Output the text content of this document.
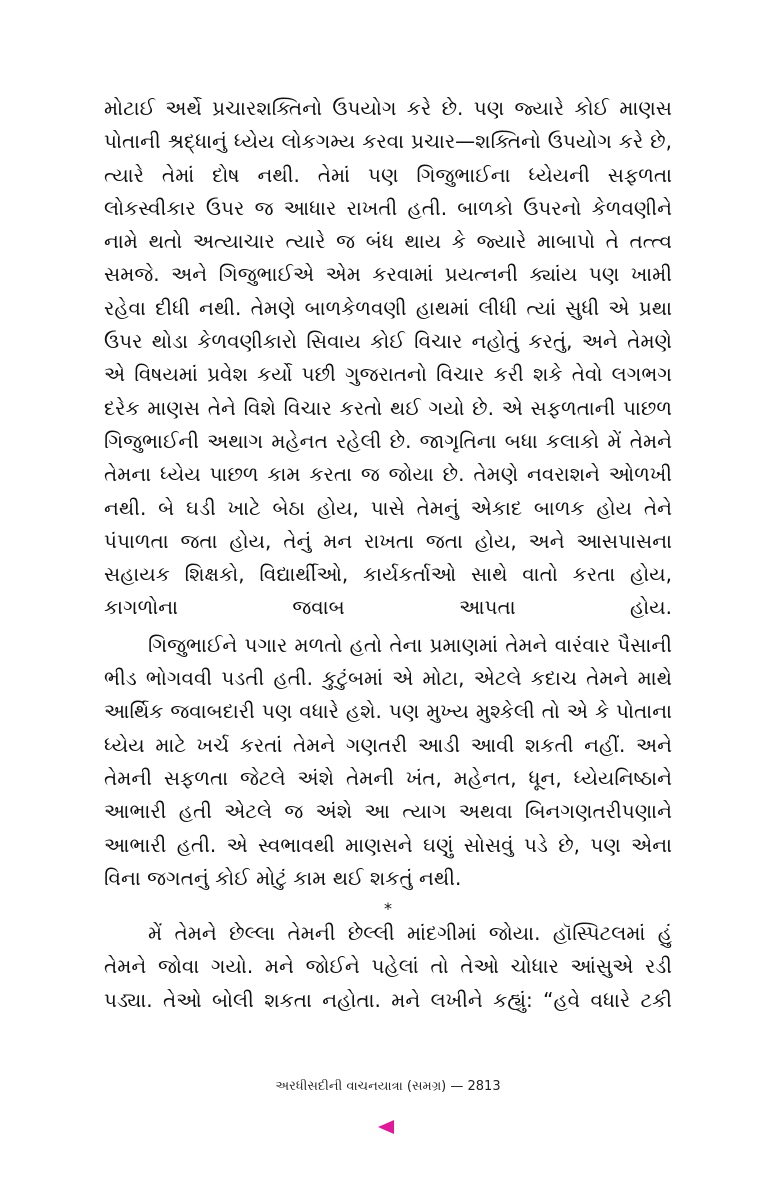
મોટાઈ અર્થે પ્રચારશક્તિનો ઉપયોગ કરે છે. પણ જ્યારે કોઈ માણસ પોતાની શ્રદ્ધાનું ધ્યેય લોકગમ્ય કરવા પ્રચાર—શક્તિનો ઉપયોગ કરે છે, ત્યારે તેમાં દોષ નથી. તેમાં પણ ગિજુભાઈના ધ્યેયની સફળતા લોકસ્વીકાર ઉપર જ આધાર રાખતી હતી. બાળકો ઉપરનો કેળવણીને નામે થતો અત્યાચાર ત્યારે જ બંધ થાય કે જ્યારે માબાપો તે તત્ત્વ સમજે. અને ગિજુભાઈએ એમ કરવામાં પ્રયત્નની ક્યાંય પણ ખામી રહેવા દીધી નથી. તેમણે બાળકેળવણી હાથમાં લીધી ત્યાં સુધી એ પ્રથા ઉપર થોડા કેળવણીકારો સિવાય કોઈ વિચાર નહોતું કરતું, અને તેમણે એ વિષયમાં પ્રવેશ કર્યો પછી ગુજરાતનો વિચાર કરી શકે તેવો લગભગ દરેક માણસ તેને વિશે વિચાર કરતો થઈ ગયો છે. એ સફળતાની પાછળ ગિજુભાઈની અથાગ મહેનત રહેલી છે. જાગૃતિના બધા કલાકો મેં તેમને તેમના ધ્યેય પાછળ કામ કરતા જ જોયા છે. તેમણે નવરાશને ઓળખી નથી. બે ઘડી ખાટે બેઠા હોય, પાસે તેમનું એકાદ બાળક હોય તેને પંપાળતા જતા હોય, તેનું મન રાખતા જતા હોય, અને આસપાસના સહાયક શિક્ષકો, વિદ્યાર્થીઓ, કાર્યકર્તાઓ સાથે વાતો કરતા હોય, કાગળોના જવાબ આપતા હોય.

ગિજુભાઈને પગાર મળતો હતો તેના પ્રમાણમાં તેમને વારંવાર પૈસાની ભીડ ભોગવવી પડતી હતી. કુટુંબમાં એ મોટા, એટલે કદાચ તેમને માથે આર્થિક જવાબદારી પણ વધારે હશે. પણ મુખ્ય મુશ્કેલી તો એ કે પોતાના ધ્યેય માટે ખર્ચ કરતાં તેમને ગણતરી આડી આવી શકતી નહીં. અને તેમની સફળતા જેટલે અંશે તેમની ખંત, મહેનત, ધૂન, ધ્યેયનિષ્ઠાને આભારી હતી એટલે જ અંશે આ ત્યાગ અથવા બિનગણતરીપણાને આભારી હતી. એ સ્વભાવથી માણસને ઘણું સોસવું પડે છે, પણ એના વિના જગતનું કોઈ મોટું કામ થઈ શકતું નથી.

*

મેં તેમને છેલ્લા તેમની છેલ્લી માંદગીમાં જોયા. હૉસ્પિટલમાં હું તેમને જોવા ગયો. મને જોઈને પહેલાં તો તેઓ ચોધાર આંસુએ રડી પડ્યા. તેઓ બોલી શકતા નહોતા. મને લખીને કહ્યું: “હવે વધારે ટકી

અરધીસદીની વાચનયાત્રા (સમગ્ર) — 2813
